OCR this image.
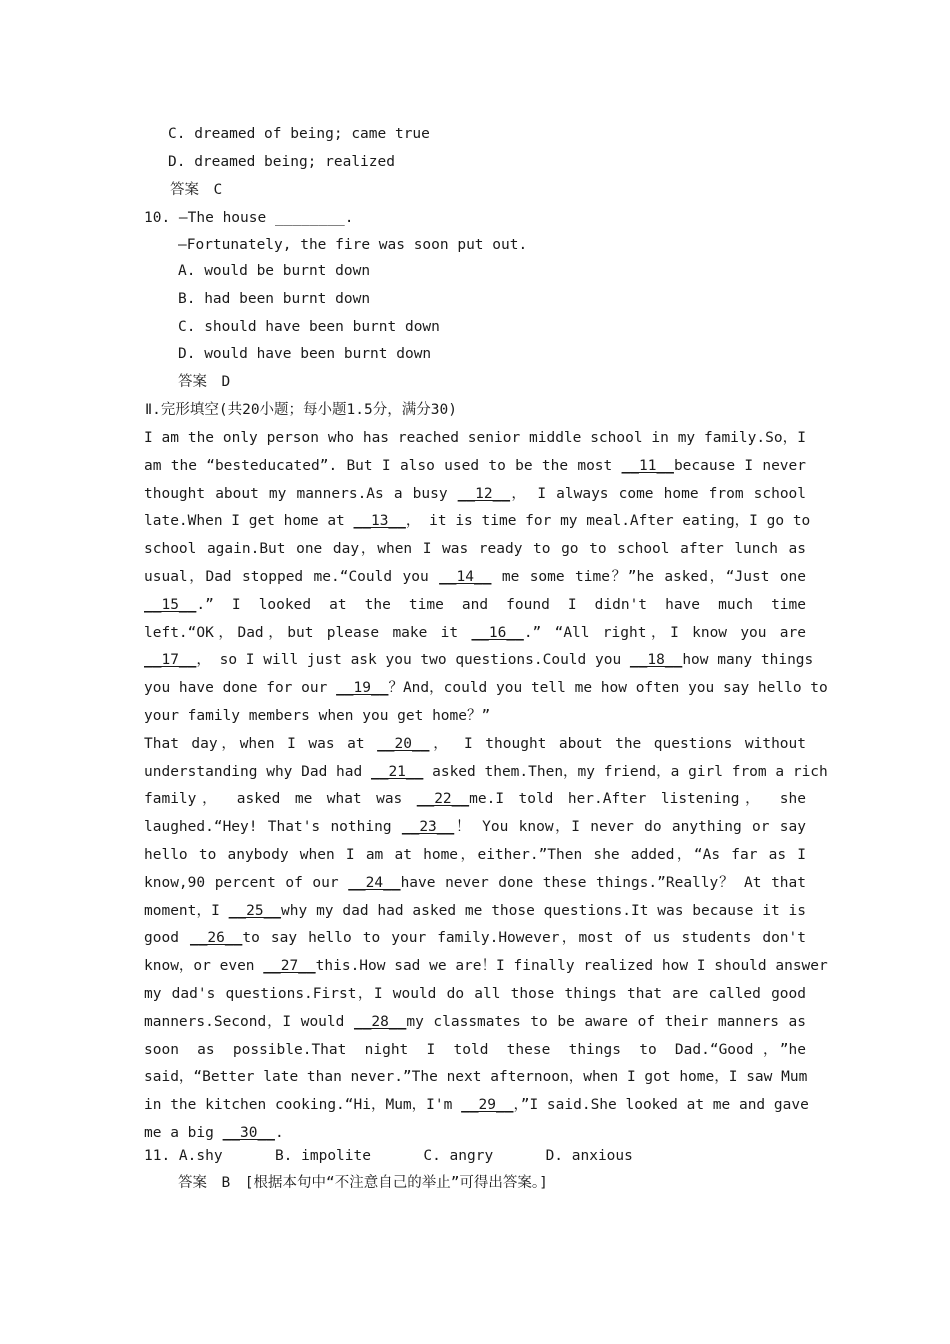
C. dreamed of being; came true
D. dreamed being; realized
答案　C
10. —The house ________.
—Fortunately, the fire was soon put out.
A. would be burnt down
B. had been burnt down
C. should have been burnt down
D. would have been burnt down
答案　D
Ⅱ.完形填空(共20小题；每小题1.5分，满分30)
I am the only person who has reached senior middle school in my family.So，I
am the “besteducated”. But I also used to be the most __11__because I never
thought about my manners.As a busy __12__， I always come home from school
late.When I get home at __13__， it is time for my meal.After eating，I go to
school again.But one day，when I was ready to go to school after lunch as
usual，Dad stopped me.“Could you __14__ me some time？”he asked，“Just one
__15__.” I looked at the time and found I didn't have much time
left.“OK，Dad，but please make it __16__.” “All right，I know you are
__17__， so I will just ask you two questions.Could you __18__how many things
you have done for our __19__？And，could you tell me how often you say hello to
your family members when you get home？”
That day，when I was at __20__， I thought about the questions without
understanding why Dad had __21__ asked them.Then，my friend，a girl from a rich
family， asked me what was __22__me.I told her.After listening， she
laughed.“Hey! That's nothing __23__！ You know，I never do anything or say
hello to anybody when I am at home，either.”Then she added，“As far as I
know,90 percent of our __24__have never done these things.”Really？ At that
moment，I __25__why my dad had asked me those questions.It was because it is
good __26__to say hello to your family.However，most of us students don't
know，or even __27__this.How sad we are！I finally realized how I should answer
my dad's questions.First，I would do all those things that are called good
manners.Second，I would __28__my classmates to be aware of their manners as
soon as possible.That night I told these things to Dad.“Good，”he
said，“Better late than never.”The next afternoon，when I got home，I saw Mum
in the kitchen cooking.“Hi，Mum，I'm __29__，”I said.She looked at me and gave
me a big __30__.
11. A.shy      B. impolite      C. angry      D. anxious
答案　B　[根据本句中“不注意自己的举止”可得出答案。]
